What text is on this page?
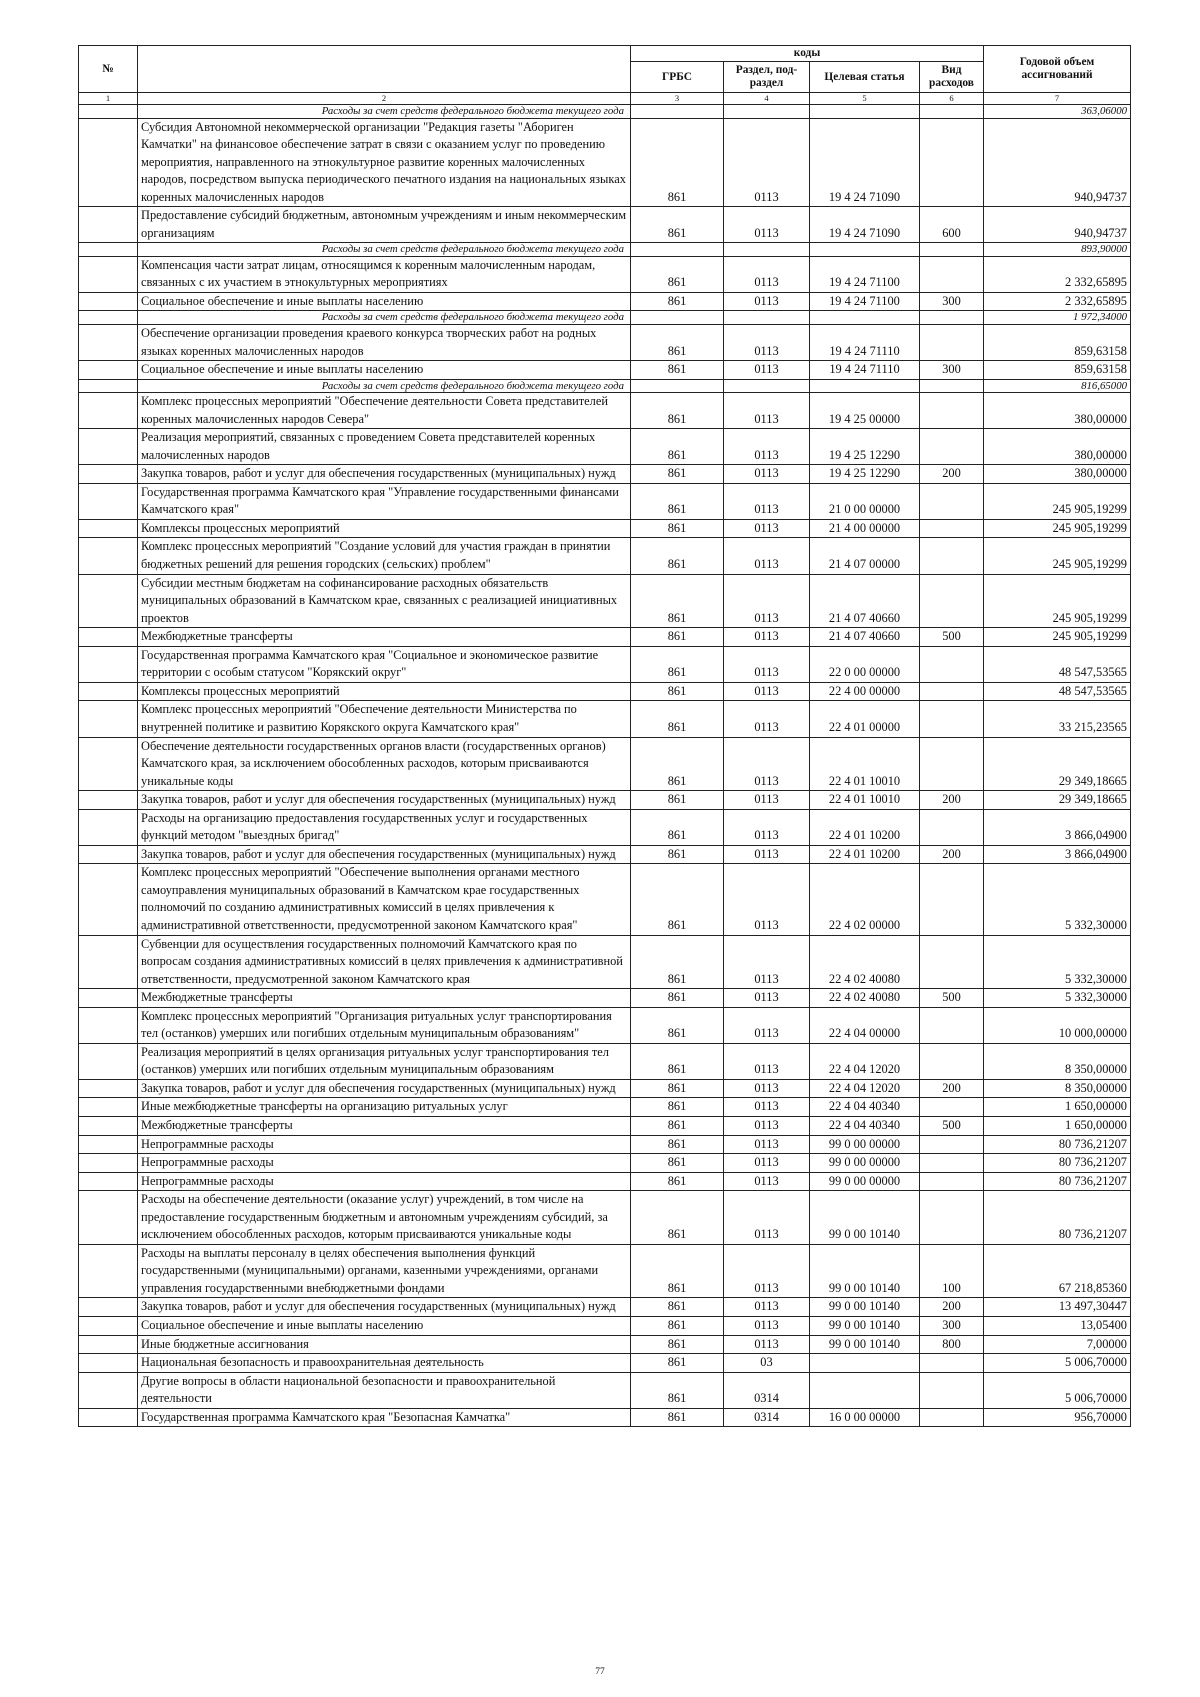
№		коды				Годовой объем ассигнований
		ГРБС	Раздел, под-раздел	Целевая статья	Вид расходов	
1	2	3	4	5	6	7
	Расходы за счет средств федерального бюджета текущего года					363,06000
	Субсидия Автономной некоммерческой организации "Редакция газеты "Абориген Камчатки" на финансовое обеспечение затрат в связи с оказанием услуг по проведению мероприятия, направленного на этнокультурное развитие коренных малочисленных народов, посредством выпуска периодического печатного издания на национальных языках коренных малочисленных народов	861	0113	19 4 24 71090		940,94737
	Предоставление субсидий бюджетным, автономным учреждениям и иным некоммерческим организациям	861	0113	19 4 24 71090	600	940,94737
	Расходы за счет средств федерального бюджета текущего года					893,90000
	Компенсация части затрат лицам, относящимся к коренным малочисленным народам, связанных с их участием в этнокультурных мероприятиях	861	0113	19 4 24 71100		2 332,65895
	Социальное обеспечение и иные выплаты населению	861	0113	19 4 24 71100	300	2 332,65895
	Расходы за счет средств федерального бюджета текущего года					1 972,34000
	Обеспечение организации проведения краевого конкурса творческих работ на родных языках коренных малочисленных народов	861	0113	19 4 24 71110		859,63158
	Социальное обеспечение и иные выплаты населению	861	0113	19 4 24 71110	300	859,63158
	Расходы за счет средств федерального бюджета текущего года					816,65000
	Комплекс процессных мероприятий "Обеспечение деятельности Совета представителей коренных малочисленных народов Севера"	861	0113	19 4 25 00000		380,00000
	Реализация мероприятий, связанных с проведением Совета представителей коренных малочисленных народов	861	0113	19 4 25 12290		380,00000
	Закупка товаров, работ и услуг для обеспечения государственных (муниципальных) нужд	861	0113	19 4 25 12290	200	380,00000
	Государственная программа Камчатского края "Управление государственными финансами Камчатского края"	861	0113	21 0 00 00000		245 905,19299
	Комплексы процессных мероприятий	861	0113	21 4 00 00000		245 905,19299
	Комплекс процессных мероприятий "Создание условий для участия граждан в принятии бюджетных решений для решения городских (сельских) проблем"	861	0113	21 4 07 00000		245 905,19299
	Субсидии местным бюджетам на софинансирование расходных обязательств муниципальных образований в Камчатском крае, связанных с реализацией инициативных проектов	861	0113	21 4 07 40660		245 905,19299
	Межбюджетные трансферты	861	0113	21 4 07 40660	500	245 905,19299
	Государственная программа Камчатского края "Социальное и экономическое развитие территории с особым статусом "Корякский округ"	861	0113	22 0 00 00000		48 547,53565
	Комплексы процессных мероприятий	861	0113	22 4 00 00000		48 547,53565
	Комплекс процессных мероприятий "Обеспечение деятельности Министерства по внутренней политике и развитию Корякского округа Камчатского края"	861	0113	22 4 01 00000		33 215,23565
	Обеспечение деятельности государственных органов власти (государственных органов) Камчатского края, за исключением обособленных расходов, которым присваиваются уникальные коды	861	0113	22 4 01 10010		29 349,18665
	Закупка товаров, работ и услуг для обеспечения государственных (муниципальных) нужд	861	0113	22 4 01 10010	200	29 349,18665
	Расходы на организацию предоставления государственных услуг и государственных функций методом "выездных бригад"	861	0113	22 4 01 10200		3 866,04900
	Закупка товаров, работ и услуг для обеспечения государственных (муниципальных) нужд	861	0113	22 4 01 10200	200	3 866,04900
	Комплекс процессных мероприятий "Обеспечение выполнения органами местного самоуправления муниципальных образований в Камчатском крае государственных полномочий по созданию административных комиссий в целях привлечения к административной ответственности, предусмотренной законом Камчатского края"	861	0113	22 4 02 00000		5 332,30000
	Субвенции для осуществления государственных полномочий Камчатского края по вопросам создания административных комиссий в целях привлечения к административной ответственности, предусмотренной законом Камчатского края	861	0113	22 4 02 40080		5 332,30000
	Межбюджетные трансферты	861	0113	22 4 02 40080	500	5 332,30000
	Комплекс процессных мероприятий "Организация ритуальных услуг транспортирования тел (останков) умерших или погибших отдельным муниципальным образованиям"	861	0113	22 4 04 00000		10 000,00000
	Реализация мероприятий в целях организация ритуальных услуг транспортирования тел (останков) умерших или погибших отдельным муниципальным образованиям	861	0113	22 4 04 12020		8 350,00000
	Закупка товаров, работ и услуг для обеспечения государственных (муниципальных) нужд	861	0113	22 4 04 12020	200	8 350,00000
	Иные межбюджетные трансферты на организацию ритуальных услуг	861	0113	22 4 04 40340		1 650,00000
	Межбюджетные трансферты	861	0113	22 4 04 40340	500	1 650,00000
	Непрограммные расходы	861	0113	99 0 00 00000		80 736,21207
	Непрограммные расходы	861	0113	99 0 00 00000		80 736,21207
	Непрограммные расходы	861	0113	99 0 00 00000		80 736,21207
	Расходы на обеспечение деятельности (оказание услуг) учреждений, в том числе на предоставление государственным бюджетным и автономным учреждениям субсидий, за исключением обособленных расходов, которым присваиваются уникальные коды	861	0113	99 0 00 10140		80 736,21207
	Расходы на выплаты персоналу в целях обеспечения выполнения функций государственными (муниципальными) органами, казенными учреждениями, органами управления государственными внебюджетными фондами	861	0113	99 0 00 10140	100	67 218,85360
	Закупка товаров, работ и услуг для обеспечения государственных (муниципальных) нужд	861	0113	99 0 00 10140	200	13 497,30447
	Социальное обеспечение и иные выплаты населению	861	0113	99 0 00 10140	300	13,05400
	Иные бюджетные ассигнования	861	0113	99 0 00 10140	800	7,00000
	Национальная безопасность и правоохранительная деятельность	861	03			5 006,70000
	Другие вопросы в области национальной безопасности и правоохранительной деятельности	861	0314			5 006,70000
	Государственная программа Камчатского края "Безопасная Камчатка"	861	0314	16 0 00 00000		956,70000
77
